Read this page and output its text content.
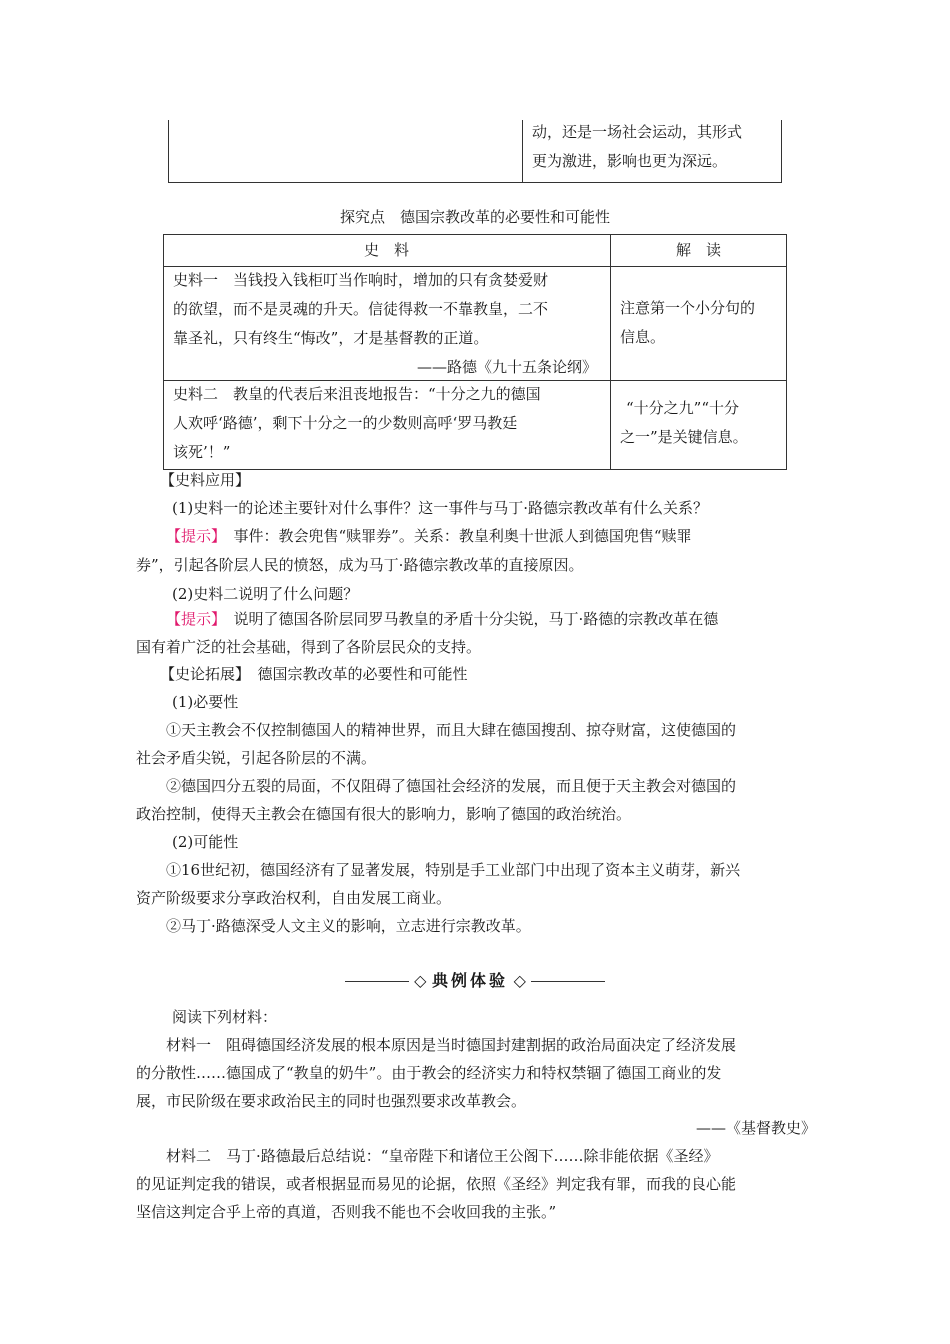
动，还是一场社会运动，其形式
更为激进，影响也更为深远。
探究点　德国宗教改革的必要性和可能性
史　料	解　读
史料一　当钱投入钱柜叮当作响时，增加的只有贪婪爱财
的欲望，而不是灵魂的升天。信徒得救一不靠教皇，二不
靠圣礼，只有终生“悔改”，才是基督教的正道。
——路德《九十五条论纲》
注意第一个小分句的
信息。
史料二　教皇的代表后来沮丧地报告：“十分之九的德国
人欢呼‘路德’，剩下十分之一的少数则高呼‘罗马教廷
该死’！”
“十分之九”“十分
之一”是关键信息。
【史料应用】
(1)史料一的论述主要针对什么事件？这一事件与马丁·路德宗教改革有什么关系？
【提示】　事件：教会兜售“赎罪券”。关系：教皇利奥十世派人到德国兜售“赎罪
券”，引起各阶层人民的愤怒，成为马丁·路德宗教改革的直接原因。
(2)史料二说明了什么问题？
【提示】　说明了德国各阶层同罗马教皇的矛盾十分尖锐，马丁·路德的宗教改革在德
国有着广泛的社会基础，得到了各阶层民众的支持。
【史论拓展】　德国宗教改革的必要性和可能性
(1)必要性
①天主教会不仅控制德国人的精神世界，而且大肆在德国搜刮、掠夺财富，这使德国的
社会矛盾尖锐，引起各阶层的不满。
②德国四分五裂的局面，不仅阻碍了德国社会经济的发展，而且便于天主教会对德国的
政治控制，使得天主教会在德国有很大的影响力，影响了德国的政治统治。
(2)可能性
①16世纪初，德国经济有了显著发展，特别是手工业部门中出现了资本主义萌芽，新兴
资产阶级要求分享政治权利，自由发展工商业。
②马丁·路德深受人文主义的影响，立志进行宗教改革。
◇ 典例体验 ◇
阅读下列材料：
材料一　阻碍德国经济发展的根本原因是当时德国封建割据的政治局面决定了经济发展
的分散性……德国成了“教皇的奶牛”。由于教会的经济实力和特权禁锢了德国工商业的发
展，市民阶级在要求政治民主的同时也强烈要求改革教会。
——《基督教史》
材料二　马丁·路德最后总结说：“皇帝陛下和诸位王公阁下……除非能依据《圣经》
的见证判定我的错误，或者根据显而易见的论据，依照《圣经》判定我有罪，而我的良心能
坚信这判定合乎上帝的真道，否则我不能也不会收回我的主张。”
